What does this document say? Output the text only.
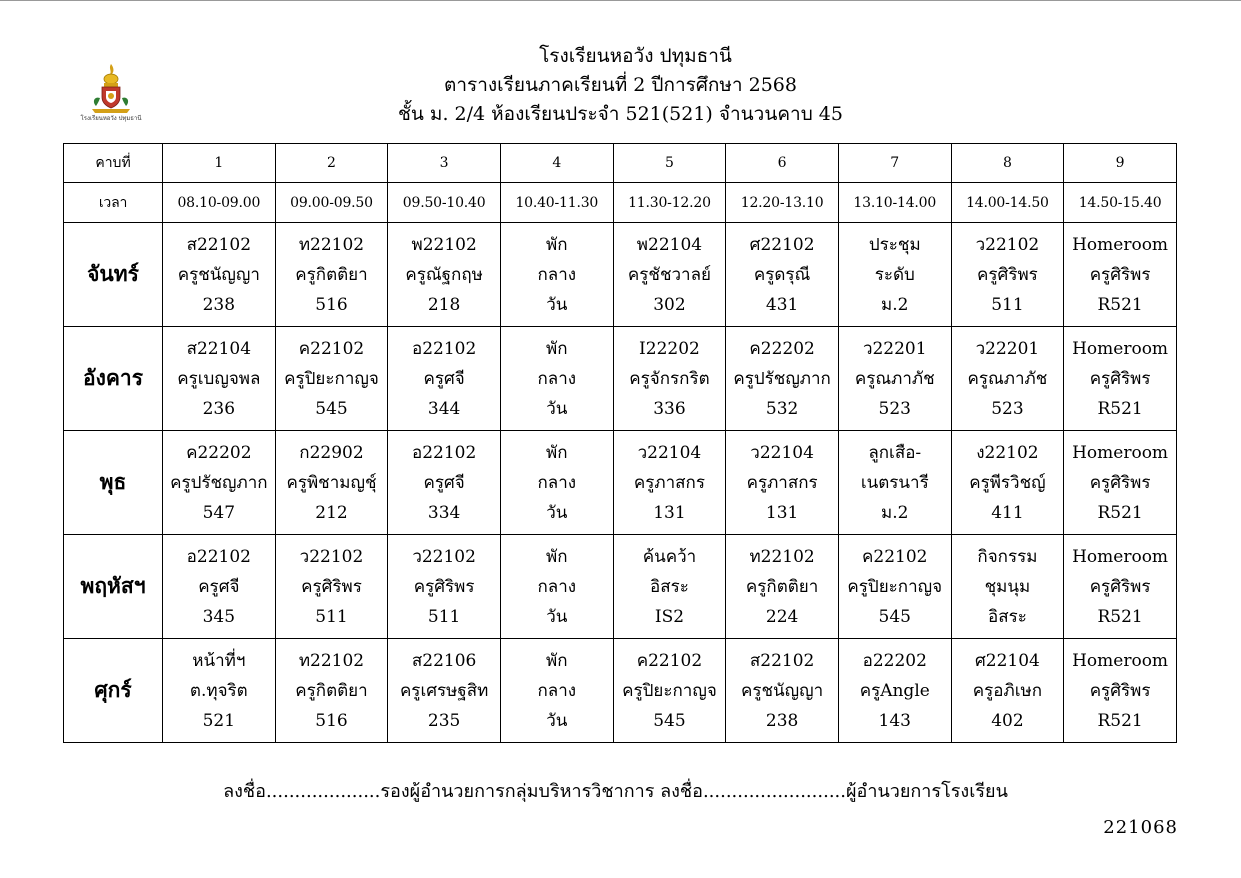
โรงเรียนหอวัง ปทุมธานี
โรงเรียนหอวัง ปทุมธานี
ตารางเรียนภาคเรียนที่ 2 ปีการศึกษา 2568
ชั้น ม. 2/4 ห้องเรียนประจำ 521(521) จำนวนคาบ 45
คาบที่	1	2	3	4	5	6	7	8	9
เวลา	08.10-09.00	09.00-09.50	09.50-10.40	10.40-11.30	11.30-12.20	12.20-13.10	13.10-14.00	14.00-14.50	14.50-15.40
จันทร์	ส22102
ครูชนัญญา
238	ท22102
ครูกิตติยา
516	พ22102
ครูณัฐกฤษ
218	พัก
กลาง
วัน	พ22104
ครูชัชวาลย์
302	ศ22102
ครูดรุณี
431	ประชุม
ระดับ
ม.2	ว22102
ครูศิริพร
511	Homeroom
ครูศิริพร
R521

อังคาร	ส22104
ครูเบญจพล
236	ค22102
ครูปิยะกาญจ
545	อ22102
ครูศจี
344	พัก
กลาง
วัน	I22202
ครูจักรกริต
336	ค22202
ครูปรัชญภาก
532	ว22201
ครูณภาภัช
523	ว22201
ครูณภาภัช
523	Homeroom
ครูศิริพร
R521

พุธ	ค22202
ครูปรัชญภาก
547	ก22902
ครูพิชามญชุ์
212	อ22102
ครูศจี
334	พัก
กลาง
วัน	ว22104
ครูภาสกร
131	ว22104
ครูภาสกร
131	ลูกเสือ-
เนตรนารี
ม.2	ง22102
ครูพีรวิชญ์
411	Homeroom
ครูศิริพร
R521

พฤหัสฯ	อ22102
ครูศจี
345	ว22102
ครูศิริพร
511	ว22102
ครูศิริพร
511	พัก
กลาง
วัน	ค้นคว้า
อิสระ
IS2	ท22102
ครูกิตติยา
224	ค22102
ครูปิยะกาญจ
545	กิจกรรม
ชุมนุม
อิสระ	Homeroom
ครูศิริพร
R521

ศุกร์	หน้าที่ฯ
ต.ทุจริต
521	ท22102
ครูกิตติยา
516	ส22106
ครูเศรษฐสิท
235	พัก
กลาง
วัน	ค22102
ครูปิยะกาญจ
545	ส22102
ครูชนัญญา
238	อ22202
ครูAngle
143	ศ22104
ครูอภิเษก
402	Homeroom
ครูศิริพร
R521
ลงชื่อ....................รองผู้อำนวยการกลุ่มบริหารวิชาการ ลงชื่อ.........................ผู้อำนวยการโรงเรียน
221068
